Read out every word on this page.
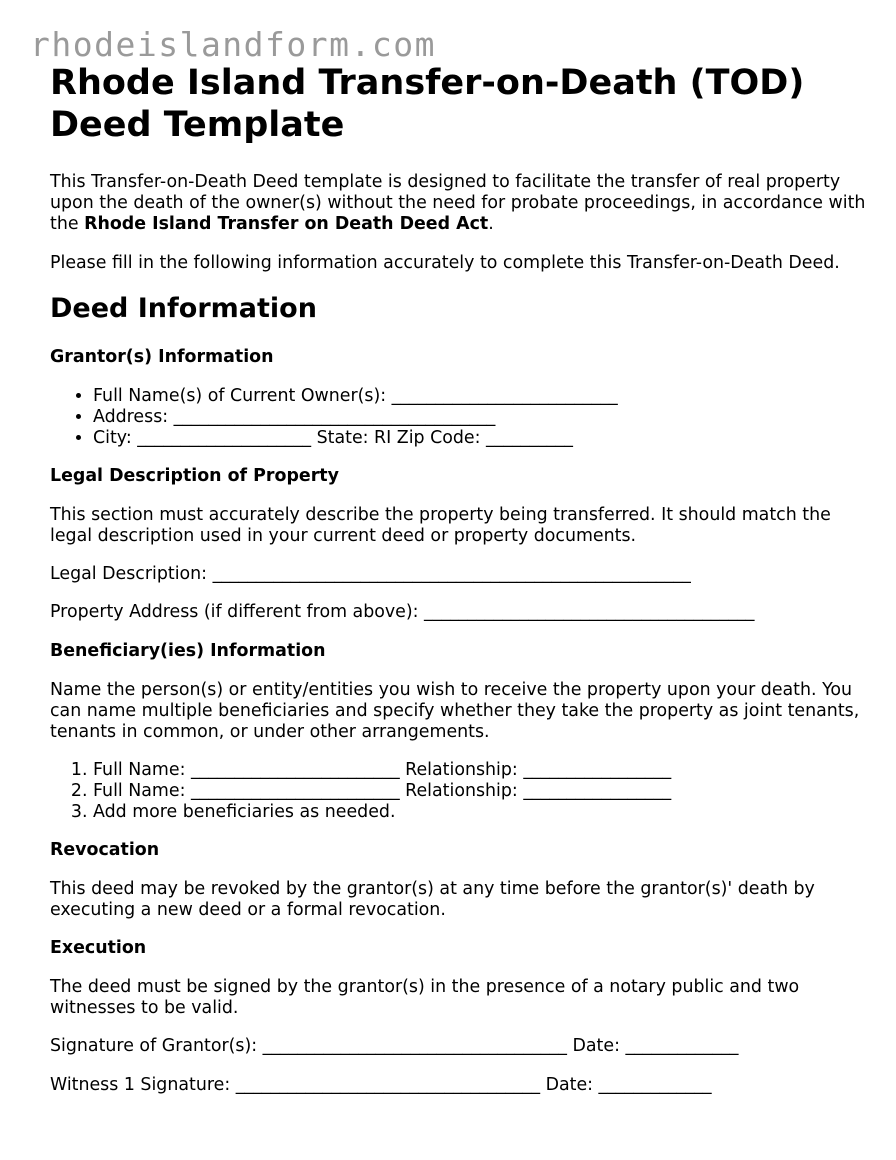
rhodeislandform.com
Rhode Island Transfer-on-Death (TOD) Deed Template

This Transfer-on-Death Deed template is designed to facilitate the transfer of real property upon the death of the owner(s) without the need for probate proceedings, in accordance with the Rhode Island Transfer on Death Deed Act.

Please fill in the following information accurately to complete this Transfer-on-Death Deed.

Deed Information
Grantor(s) Information
• Full Name(s) of Current Owner(s): __________________________
• Address: _____________________________________
• City: ____________________ State: RI Zip Code: __________
Legal Description of Property

This section must accurately describe the property being transferred. It should match the legal description used in your current deed or property documents.

Legal Description: _______________________________________________________

Property Address (if different from above): ______________________________________

Beneficiary(ies) Information

Name the person(s) or entity/entities you wish to receive the property upon your death. You can name multiple beneficiaries and specify whether they take the property as joint tenants, tenants in common, or under other arrangements.

1. Full Name: ________________________ Relationship: _________________
2. Full Name: ________________________ Relationship: _________________
3. Add more beneficiaries as needed.
Revocation

This deed may be revoked by the grantor(s) at any time before the grantor(s)' death by executing a new deed or a formal revocation.

Execution

The deed must be signed by the grantor(s) in the presence of a notary public and two witnesses to be valid.

Signature of Grantor(s): ___________________________________ Date: _____________

Witness 1 Signature: ___________________________________ Date: _____________
